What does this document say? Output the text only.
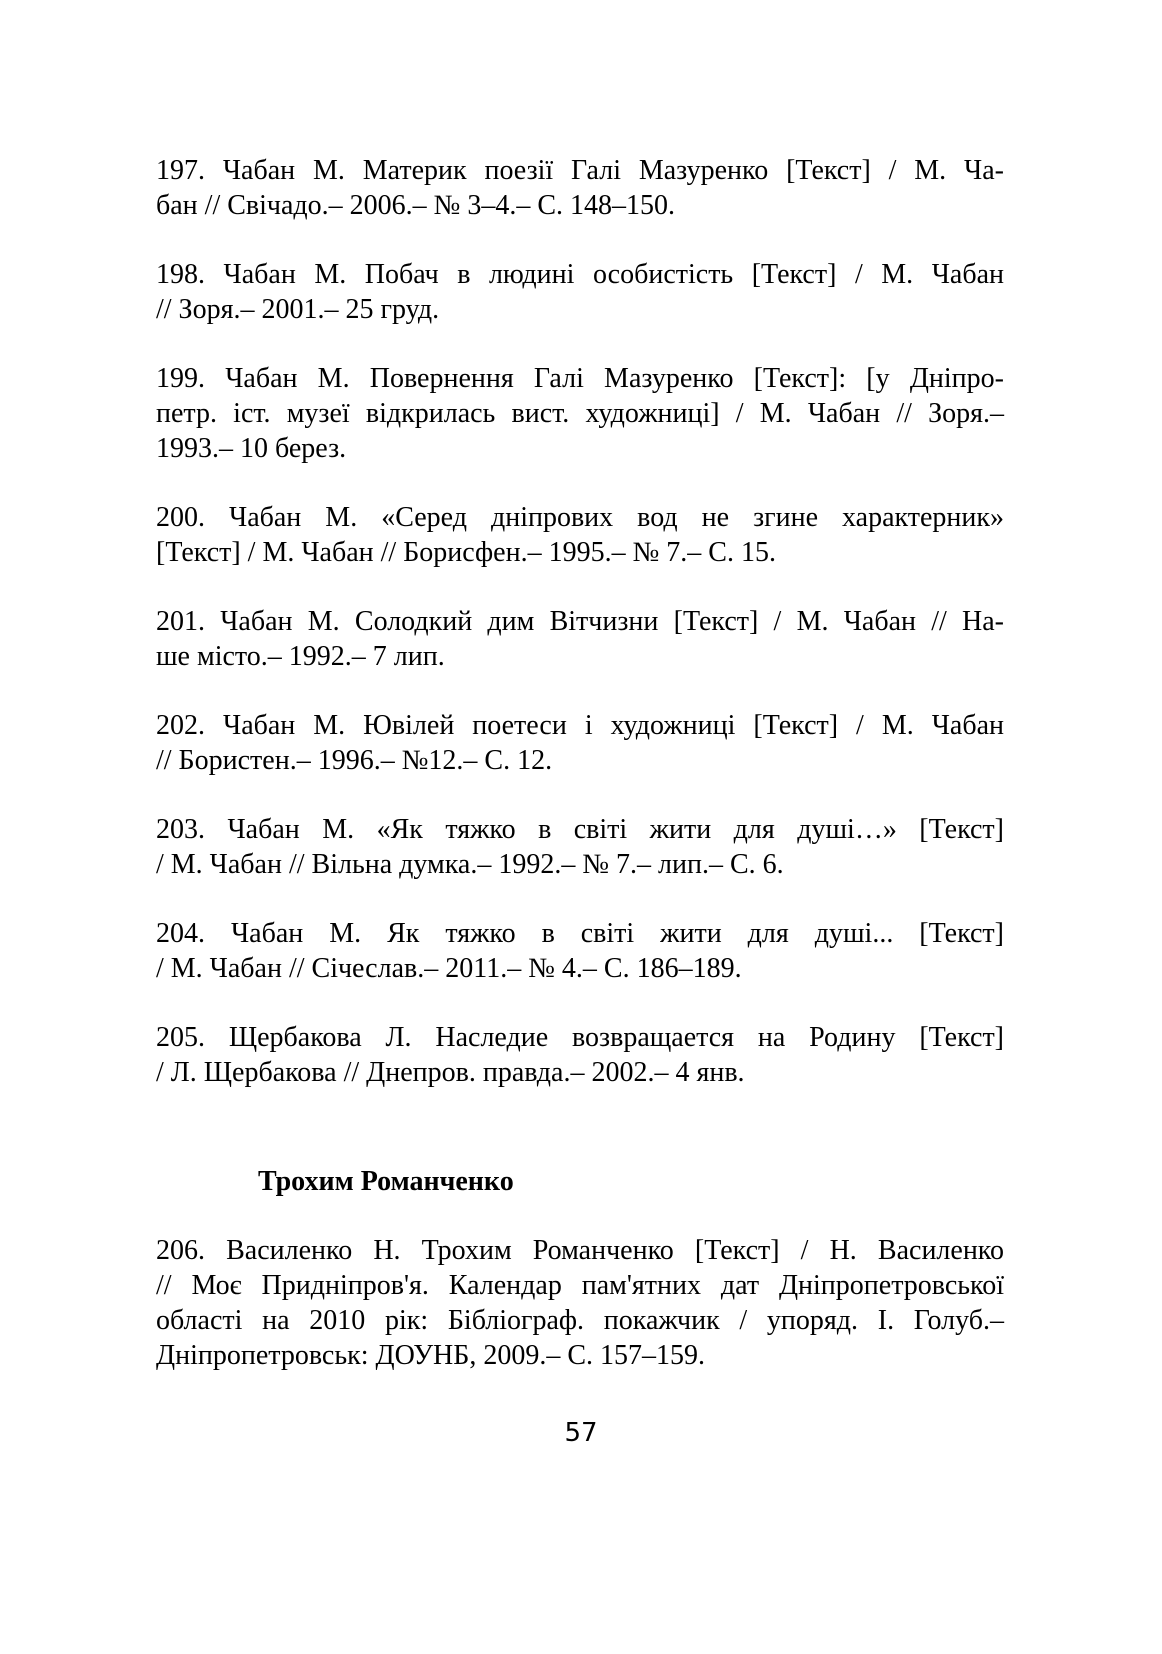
197. Чабан М. Материк поезії Галі Мазуренко [Текст] / М. Ча-
бан // Свічадо.– 2006.– № 3–4.– С. 148–150.
198. Чабан М. Побач в людині особистість [Текст] / М. Чабан
// Зоря.– 2001.– 25 груд.
199. Чабан М. Повернення Галі Мазуренко [Текст]: [у Дніпро-
петр. іст. музеї відкрилась вист. художниці] / М. Чабан // Зоря.–
1993.– 10 берез.
200. Чабан М. «Серед дніпрових вод не згине характерник»
[Текст] / М. Чабан // Борисфен.– 1995.– № 7.– С. 15.
201. Чабан М. Солодкий дим Вітчизни [Текст] / М. Чабан // На-
ше місто.– 1992.– 7 лип.
202. Чабан М. Ювілей поетеси і художниці [Текст] / М. Чабан
// Бористен.– 1996.– №12.– С. 12.
203. Чабан М. «Як тяжко в світі жити для душі…» [Текст]
/ М. Чабан // Вільна думка.– 1992.– № 7.– лип.– С. 6.
204. Чабан М. Як тяжко в світі жити для душі... [Текст]
/ М. Чабан // Січеслав.– 2011.– № 4.– С. 186–189.
205. Щербакова Л. Наследие возвращается на Родину [Текст]
/ Л. Щербакова // Днепров. правда.– 2002.– 4 янв.
Трохим Романченко
206. Василенко Н. Трохим Романченко [Текст] / Н. Василенко
// Моє Придніпров'я. Календар пам'ятних дат Дніпропетровської
області на 2010 рік: Бібліограф. покажчик / упоряд. І. Голуб.–
Дніпропетровськ: ДОУНБ, 2009.– С. 157–159.
57
